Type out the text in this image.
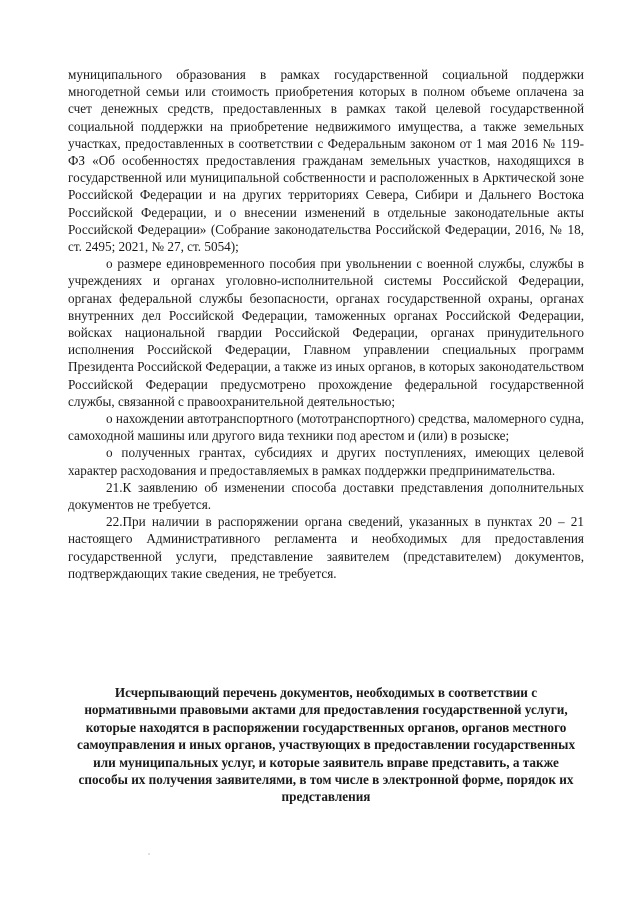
муниципального образования в рамках государственной социальной поддержки многодетной семьи или стоимость приобретения которых в полном объеме оплачена за счет денежных средств, предоставленных в рамках такой целевой государственной социальной поддержки на приобретение недвижимого имущества, а также земельных участках, предоставленных в соответствии с Федеральным законом от 1 мая 2016 № 119-ФЗ «Об особенностях предоставления гражданам земельных участков, находящихся в государственной или муниципальной собственности и расположенных в Арктической зоне Российской Федерации и на других территориях Севера, Сибири и Дальнего Востока Российской Федерации, и о внесении изменений в отдельные законодательные акты Российской Федерации» (Собрание законодательства Российской Федерации, 2016, № 18, ст. 2495; 2021, № 27, ст. 5054);

о размере единовременного пособия при увольнении с военной службы, службы в учреждениях и органах уголовно-исполнительной системы Российской Федерации, органах федеральной службы безопасности, органах государственной охраны, органах внутренних дел Российской Федерации, таможенных органах Российской Федерации, войсках национальной гвардии Российской Федерации, органах принудительного исполнения Российской Федерации, Главном управлении специальных программ Президента Российской Федерации, а также из иных органов, в которых законодательством Российской Федерации предусмотрено прохождение федеральной государственной службы, связанной с правоохранительной деятельностью;

о нахождении автотранспортного (мототранспортного) средства, маломерного судна, самоходной машины или другого вида техники под арестом и (или) в розыске;

о полученных грантах, субсидиях и других поступлениях, имеющих целевой характер расходования и предоставляемых в рамках поддержки предпринимательства.

21.К заявлению об изменении способа доставки представления дополнительных документов не требуется.

22.При наличии в распоряжении органа сведений, указанных в пунктах 20 – 21 настоящего Административного регламента и необходимых для предоставления государственной услуги, представление заявителем (представителем) документов, подтверждающих такие сведения, не требуется.

Исчерпывающий перечень документов, необходимых в соответствии с нормативными правовыми актами для предоставления государственной услуги, которые находятся в распоряжении государственных органов, органов местного самоуправления и иных органов, участвующих в предоставлении государственных или муниципальных услуг, и которые заявитель вправе представить, а также способы их получения заявителями, в том числе в электронной форме, порядок их представления
